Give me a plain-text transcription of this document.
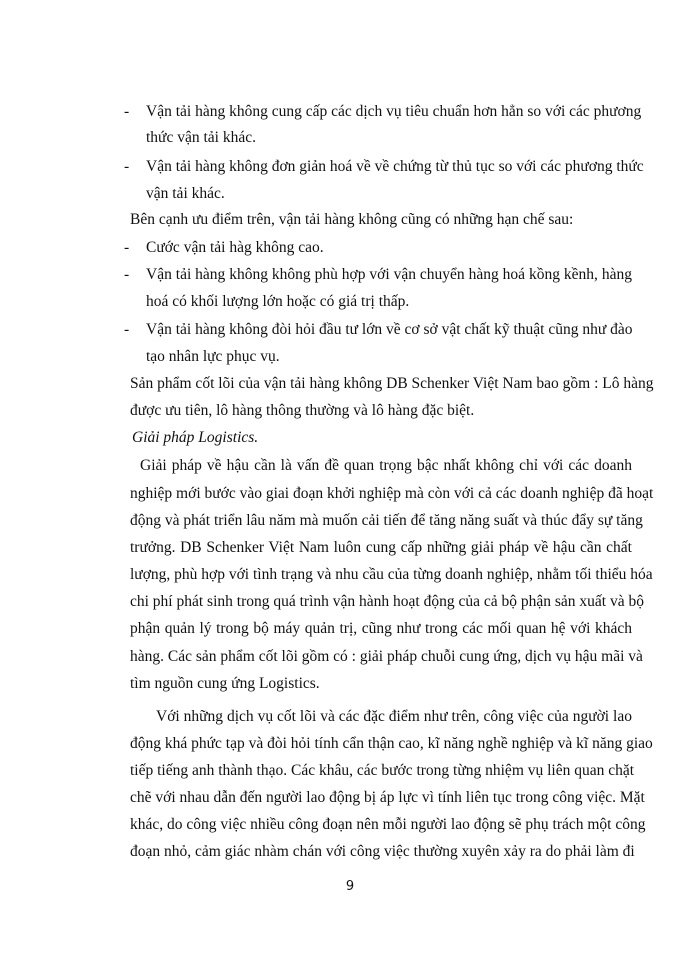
- Vận tải hàng không cung cấp các dịch vụ tiêu chuẩn hơn hẳn so với các phương
thức vận tải khác.
- Vận tải hàng không đơn giản hoá về về chứng từ thủ tục so với các phương thức
vận tải khác.
Bên cạnh ưu điểm trên, vận tải hàng không cũng có những hạn chế sau:
- Cước vận tải hàg không cao.
- Vận tải hàng không không phù hợp với vận chuyển hàng hoá kồng kềnh, hàng
hoá có khối lượng lớn hoặc có giá trị thấp.
- Vận tải hàng không đòi hỏi đầu tư lớn về cơ sở vật chất kỹ thuật cũng như đào
tạo nhân lực phục vụ.
Sản phẩm cốt lõi của vận tải hàng không DB Schenker Việt Nam bao gồm : Lô hàng
được ưu tiên, lô hàng thông thường và lô hàng đặc biệt.
Giải pháp Logistics.
Giải pháp về hậu cần là vấn đề quan trọng bậc nhất không chỉ với các doanh
nghiệp mới bước vào giai đoạn khởi nghiệp mà còn với cả các doanh nghiệp đã hoạt
động và phát triển lâu năm mà muốn cải tiến để tăng năng suất và thúc đẩy sự tăng
trưởng. DB Schenker Việt Nam luôn cung cấp những giải pháp về hậu cần chất
lượng, phù hợp với tình trạng và nhu cầu của từng doanh nghiệp, nhằm tối thiểu hóa
chi phí phát sinh trong quá trình vận hành hoạt động của cả bộ phận sản xuất và bộ
phận quản lý trong bộ máy quản trị, cũng như trong các mối quan hệ với khách
hàng. Các sản phẩm cốt lõi gồm có : giải pháp chuỗi cung ứng, dịch vụ hậu mãi và
tìm nguồn cung ứng Logistics.
Với những dịch vụ cốt lõi và các đặc điểm như trên, công việc của người lao
động khá phức tạp và đòi hỏi tính cẩn thận cao, kĩ năng nghề nghiệp và kĩ năng giao
tiếp tiếng anh thành thạo. Các khâu, các bước trong từng nhiệm vụ liên quan chặt
chẽ với nhau dẫn đến người lao động bị áp lực vì tính liên tục trong công việc. Mặt
khác, do công việc nhiều công đoạn nên mỗi người lao động sẽ phụ trách một công
đoạn nhỏ, cảm giác nhàm chán với công việc thường xuyên xảy ra do phải làm đi
9
